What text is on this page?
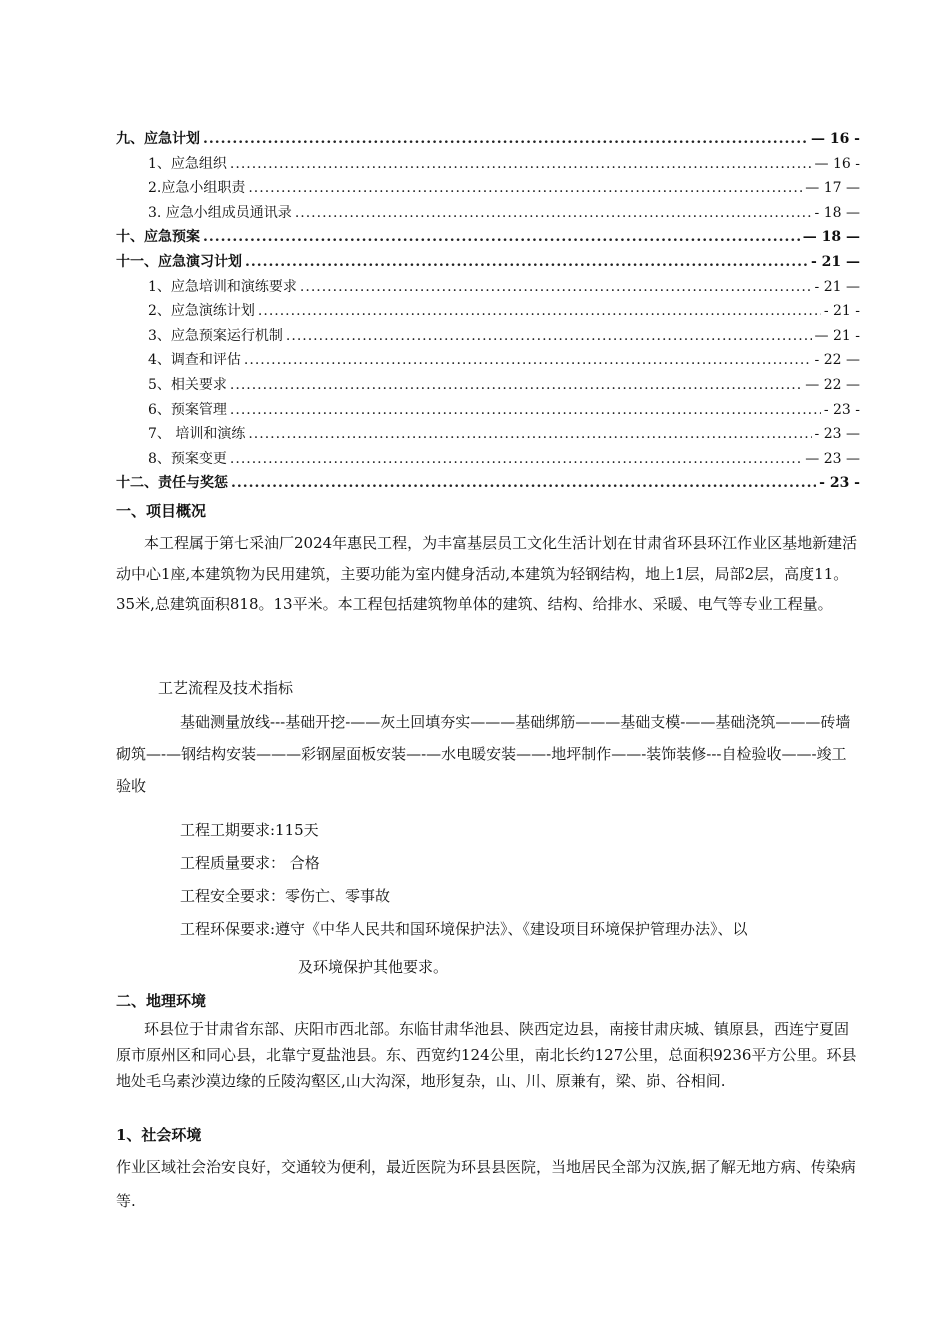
九、应急计划 .....	— 16 -
1、应急组织 .....	— 16 -
2.应急小组职责 .....	— 17 —
3. 应急小组成员通讯录 .....	- 18 —
十、应急预案 .....	— 18 —
十一、应急演习计划 .....	- 21 —
1、应急培训和演练要求 .....	- 21 —
2、应急演练计划 .....	- 21 -
3、应急预案运行机制 .....	— 21 -
4、调查和评估 .....	- 22 —
5、相关要求 .....	— 22 —
6、预案管理 .....	- 23 -
7、 培训和演练 .....	- 23 —
8、预案变更 .....	— 23 —
十二、责任与奖惩 .....	- 23 -
一、项目概况
本工程属于第七采油厂2024年惠民工程，为丰富基层员工文化生活计划在甘肃省环县环江作业区基地新建活动中心1座,本建筑物为民用建筑，主要功能为室内健身活动,本建筑为轻钢结构，地上1层，局部2层，高度11。35米,总建筑面积818。13平米。本工程包括建筑物单体的建筑、结构、给排水、采暖、电气等专业工程量。
工艺流程及技术指标
基础测量放线---基础开挖-——灰土回填夯实———基础绑筋———基础支模-——基础浇筑———砖墙砌筑—-—钢结构安装———彩钢屋面板安装—-—水电暖安装——-地坪制作——-装饰装修---自检验收——-竣工验收
工程工期要求:115天
工程质量要求： 合格
工程安全要求：零伤亡、零事故
工程环保要求:遵守《中华人民共和国环境保护法》、《建设项目环境保护管理办法》、以
及环境保护其他要求。
二、地理环境
环县位于甘肃省东部、庆阳市西北部。东临甘肃华池县、陕西定边县，南接甘肃庆城、镇原县，西连宁夏固原市原州区和同心县，北靠宁夏盐池县。东、西宽约124公里，南北长约127公里，总面积9236平方公里。环县地处毛乌素沙漠边缘的丘陵沟壑区,山大沟深，地形复杂，山、川、原兼有，梁、峁、谷相间.
1、社会环境
作业区域社会治安良好，交通较为便利，最近医院为环县县医院，当地居民全部为汉族,据了解无地方病、传染病等.
